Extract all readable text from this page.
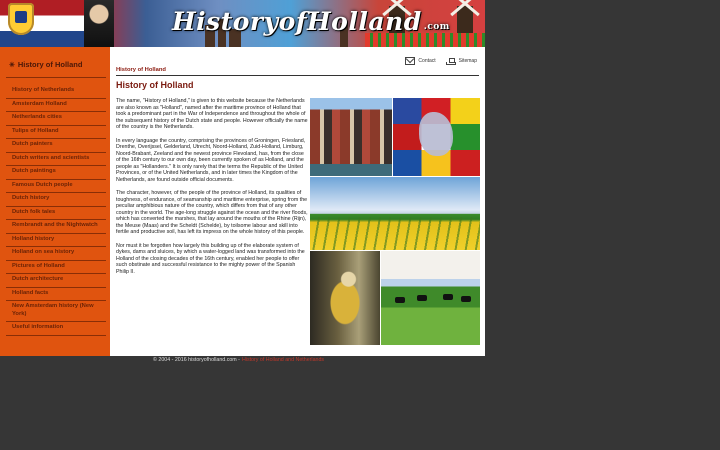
HistoryofHolland .com
✳ History of Holland
History of Netherlands
Amsterdam Holland
Netherlands cities
Tulips of Holland
Dutch painters
Dutch writers and scientists
Dutch paintings
Famous Dutch people
Dutch history
Dutch folk tales
Rembrandt and the Nightwatch
Holland history
Holland on sea history
Pictures of Holland
Dutch architecture
Holland facts
New Amsterdam history (New York)
Useful information
Contact	Sitemap
History of Holland
History of Holland

The name, "History of Holland," is given to this website because the Netherlands are also known as "Holland", named after the maritime province of Holland that took a predominant part in the War of Independence and throughout the whole of the subsequent history of the Dutch state and people. However officially the name of the country is the Netherlands.

In every language the country, comprising the provinces of Groningen, Friesland, Drenthe, Overijssel, Gelderland, Utrecht, Noord-Holland, Zuid-Holland, Limburg, Noord-Brabant, Zeeland and the newest province Flevoland, has, from the close of the 16th century to our own day, been currently spoken of as Holland, and the people as "Hollanders." It is only rarely that the terms the Republic of the United Provinces, or of the United Netherlands, and in later times the Kingdom of the Netherlands, are found outside official documents.

The character, however, of the people of the province of Holland, its qualities of toughness, of endurance, of seamanship and maritime enterprise, spring from the peculiar amphibious nature of the country, which differs from that of any other country in the world. The age-long struggle against the ocean and the river floods, which has converted the marshes, that lay around the mouths of the Rhine (Rijn), the Meuse (Maas) and the Scheldt (Schelde), by toilsome labour and skill into fertile and productive soil, has left its impress on the whole history of this people.

Nor must it be forgotten how largely this building up of the elaborate system of dykes, dams and sluices, by which a water-logged land was transformed into the Holland of the closing decades of the 16th century, enabled her people to offer such obstinate and successful resistance to the mighty power of the Spanish Philip II.

© 2004 - 2016 historyofholland.com - History of Holland and Netherlands
